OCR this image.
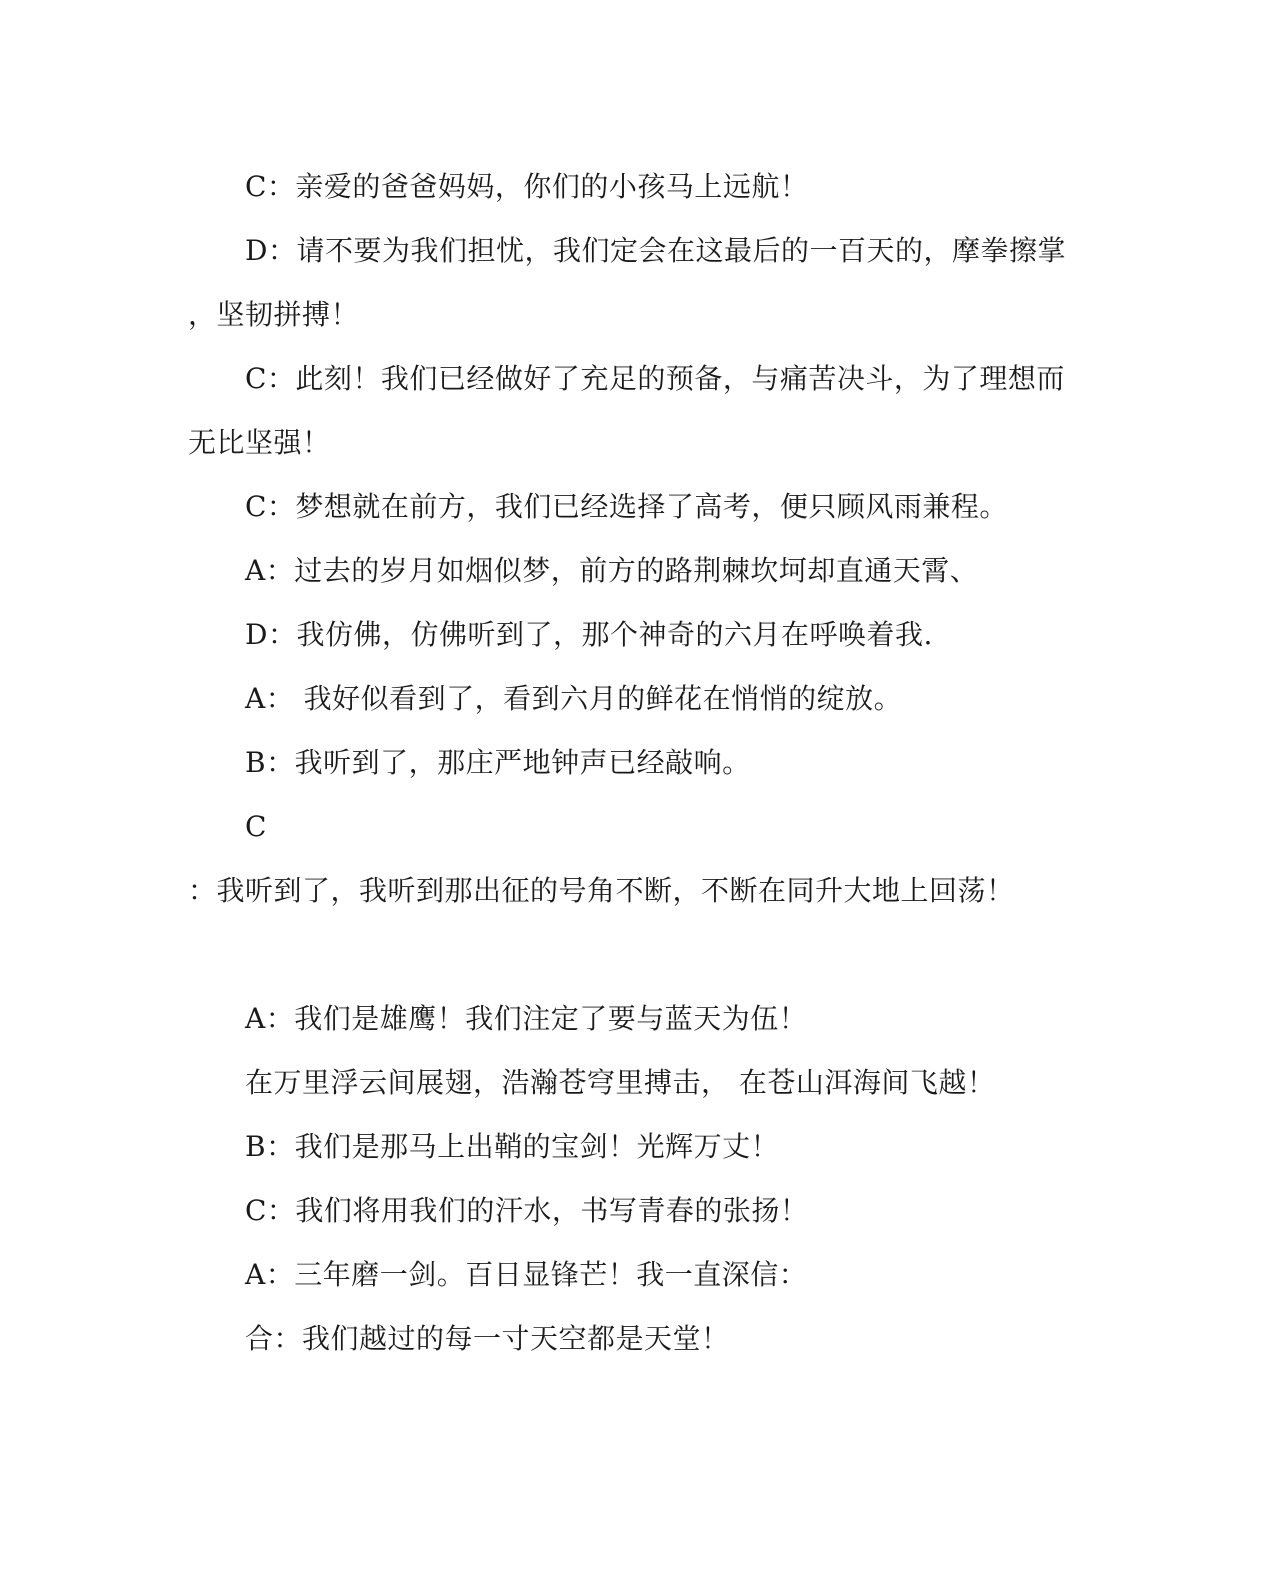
C：亲爱的爸爸妈妈，你们的小孩马上远航！
D：请不要为我们担忧，我们定会在这最后的一百天的，摩拳擦掌
，坚韧拼搏！
C：此刻！我们已经做好了充足的预备，与痛苦决斗，为了理想而
无比坚强！
C：梦想就在前方，我们已经选择了高考，便只顾风雨兼程。
A：过去的岁月如烟似梦，前方的路荆棘坎坷却直通天霄、
D：我仿佛，仿佛听到了，那个神奇的六月在呼唤着我.
A： 我好似看到了，看到六月的鲜花在悄悄的绽放。
B：我听到了，那庄严地钟声已经敲响。
C
：我听到了，我听到那出征的号角不断，不断在同升大地上回荡！
A：我们是雄鹰！我们注定了要与蓝天为伍！
在万里浮云间展翅，浩瀚苍穹里搏击， 在苍山洱海间飞越！
B：我们是那马上出鞘的宝剑！光辉万丈！
C：我们将用我们的汗水，书写青春的张扬！
A：三年磨一剑。百日显锋芒！我一直深信：
合：我们越过的每一寸天空都是天堂！
